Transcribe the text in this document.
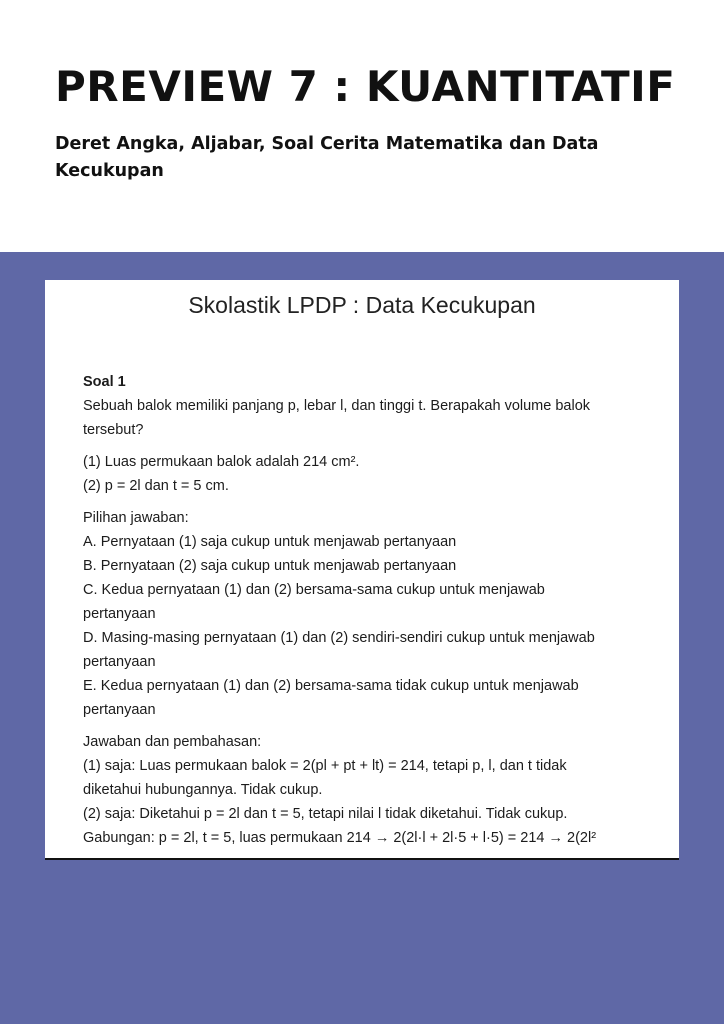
PREVIEW 7 : KUANTITATIF

Deret Angka, Aljabar, Soal Cerita Matematika dan Data Kecukupan

Skolastik LPDP : Data Kecukupan
Soal 1
Sebuah balok memiliki panjang p, lebar l, dan tinggi t. Berapakah volume balok
tersebut?
(1) Luas permukaan balok adalah 214 cm².
(2) p = 2l dan t = 5 cm.
Pilihan jawaban:
A. Pernyataan (1) saja cukup untuk menjawab pertanyaan
B. Pernyataan (2) saja cukup untuk menjawab pertanyaan
C. Kedua pernyataan (1) dan (2) bersama-sama cukup untuk menjawab
pertanyaan
D. Masing-masing pernyataan (1) dan (2) sendiri-sendiri cukup untuk menjawab
pertanyaan
E. Kedua pernyataan (1) dan (2) bersama-sama tidak cukup untuk menjawab
pertanyaan
Jawaban dan pembahasan:
(1) saja: Luas permukaan balok = 2(pl + pt + lt) = 214, tetapi p, l, dan t tidak
diketahui hubungannya. Tidak cukup.
(2) saja: Diketahui p = 2l dan t = 5, tetapi nilai l tidak diketahui. Tidak cukup.
Gabungan: p = 2l, t = 5, luas permukaan 214 → 2(2l·l + 2l·5 + l·5) = 214 → 2(2l²
